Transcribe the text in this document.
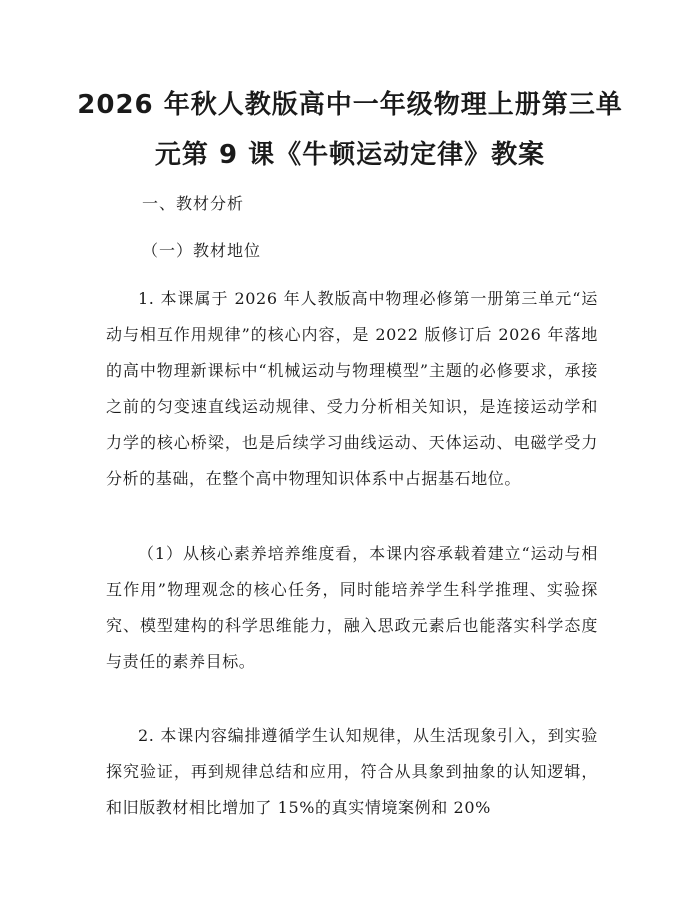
2026 年秋人教版高中一年级物理上册第三单
元第 9 课《牛顿运动定律》教案
一、教材分析
（一）教材地位

1. 本课属于 2026 年人教版高中物理必修第一册第三单元“运动与相互作用规律”的核心内容，是 2022 版修订后 2026 年落地的高中物理新课标中“机械运动与物理模型”主题的必修要求，承接之前的匀变速直线运动规律、受力分析相关知识，是连接运动学和力学的核心桥梁，也是后续学习曲线运动、天体运动、电磁学受力分析的基础，在整个高中物理知识体系中占据基石地位。

（1）从核心素养培养维度看，本课内容承载着建立“运动与相互作用”物理观念的核心任务，同时能培养学生科学推理、实验探究、模型建构的科学思维能力，融入思政元素后也能落实科学态度与责任的素养目标。

2. 本课内容编排遵循学生认知规律，从生活现象引入，到实验探究验证，再到规律总结和应用，符合从具象到抽象的认知逻辑，和旧版教材相比增加了 15%的真实情境案例和 20%
